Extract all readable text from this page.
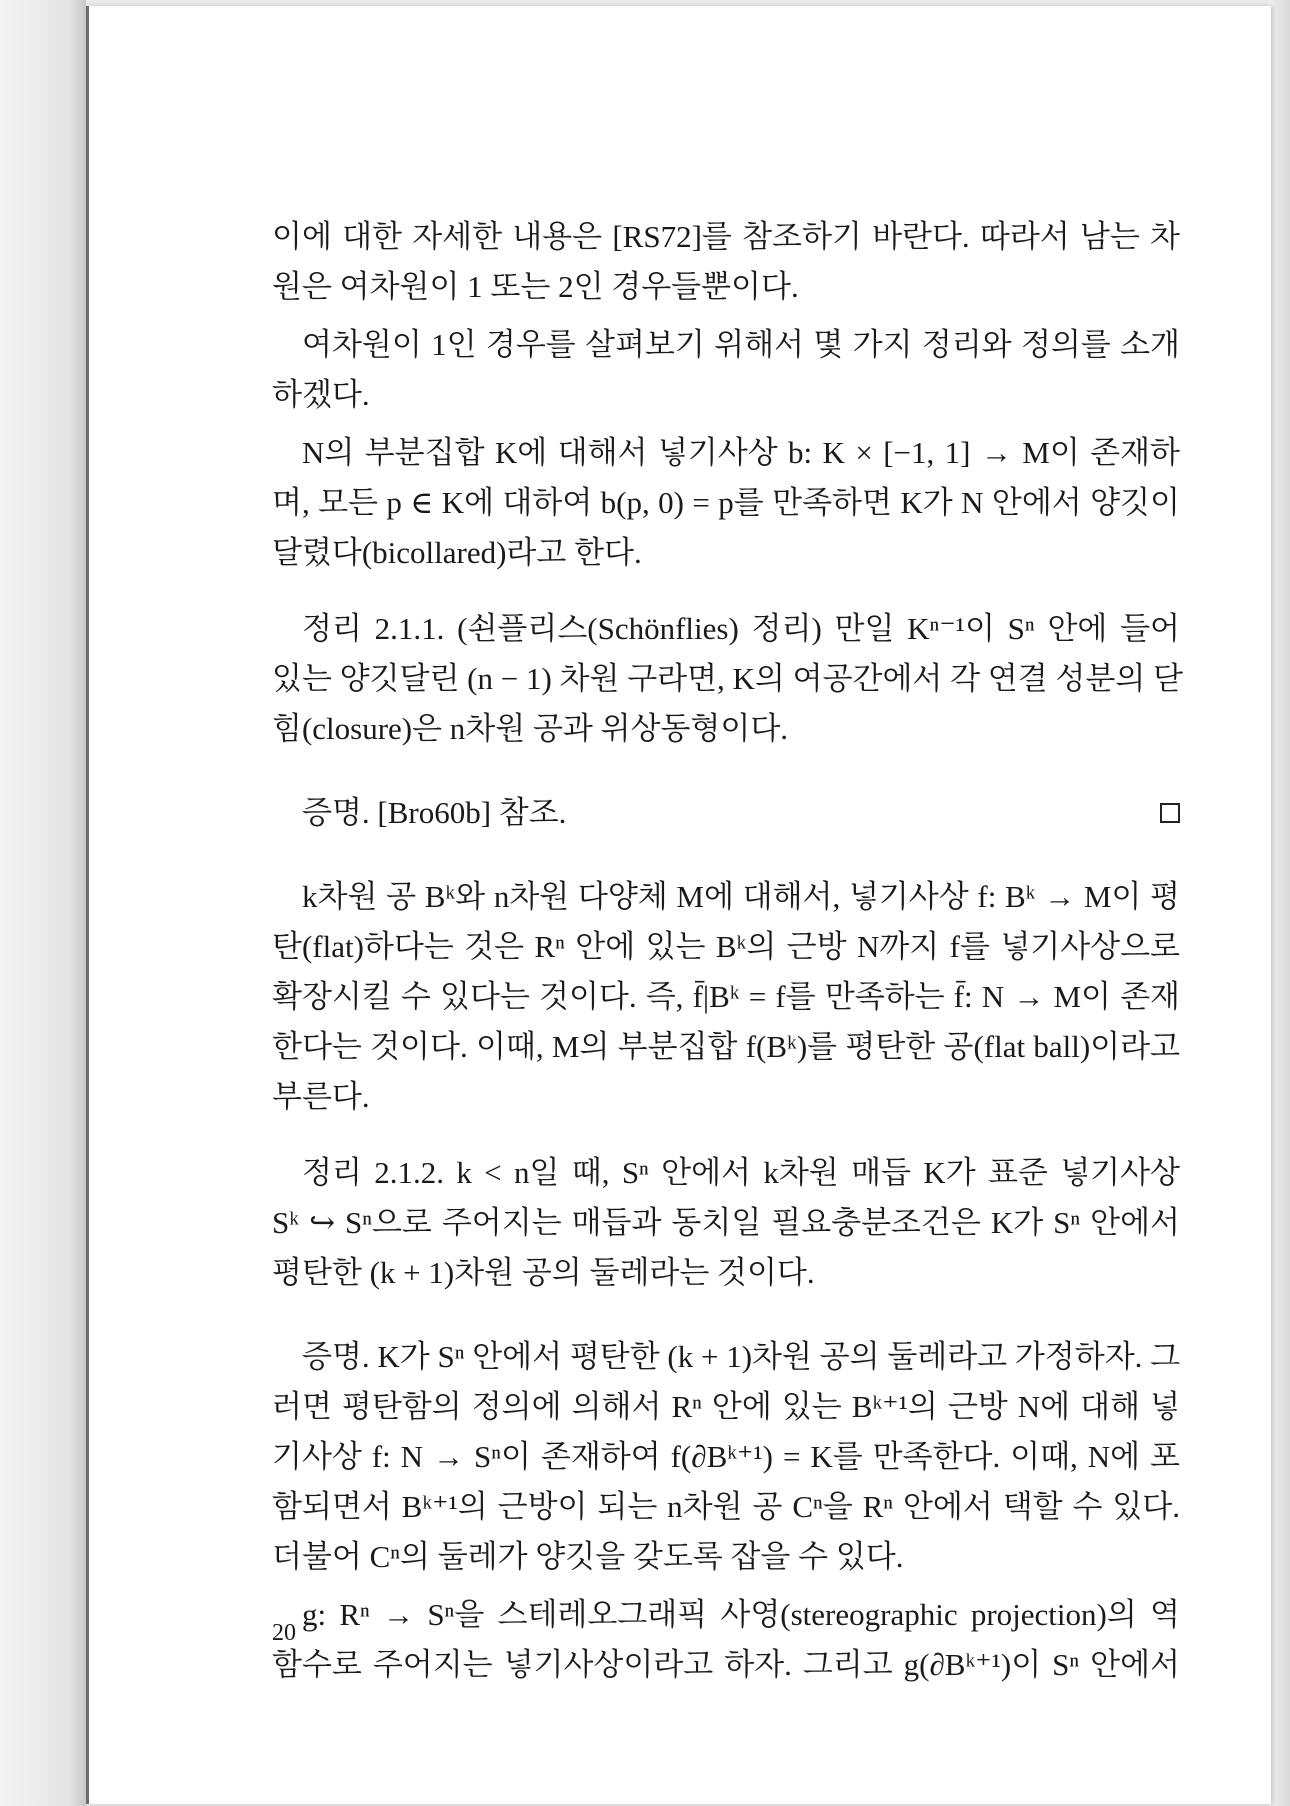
이에 대한 자세한 내용은 [RS72]를 참조하기 바란다. 따라서 남는 차
원은 여차원이 1 또는 2인 경우들뿐이다.
여차원이 1인 경우를 살펴보기 위해서 몇 가지 정리와 정의를 소개
하겠다.
N의 부분집합 K에 대해서 넣기사상 b: K × [−1, 1] → M이 존재하
며, 모든 p ∈ K에 대하여 b(p, 0) = p를 만족하면 K가 N 안에서 양깃이
달렸다(bicollared)라고 한다.
정리 2.1.1. (쇤플리스(Schönflies) 정리) 만일 Kⁿ⁻¹이 Sⁿ 안에 들어
있는 양깃달린 (n − 1) 차원 구라면, K의 여공간에서 각 연결 성분의 닫
힘(closure)은 n차원 공과 위상동형이다.
증명. [Bro60b] 참조.
k차원 공 Bᵏ와 n차원 다양체 M에 대해서, 넣기사상 f: Bᵏ → M이 평
탄(flat)하다는 것은 Rⁿ 안에 있는 Bᵏ의 근방 N까지 f를 넣기사상으로
확장시킬 수 있다는 것이다. 즉, f̄|Bᵏ = f를 만족하는 f̄: N → M이 존재
한다는 것이다. 이때, M의 부분집합 f(Bᵏ)를 평탄한 공(flat ball)이라고
부른다.
정리 2.1.2. k < n일 때, Sⁿ 안에서 k차원 매듭 K가 표준 넣기사상
Sᵏ ↪ Sⁿ으로 주어지는 매듭과 동치일 필요충분조건은 K가 Sⁿ 안에서
평탄한 (k + 1)차원 공의 둘레라는 것이다.
증명. K가 Sⁿ 안에서 평탄한 (k + 1)차원 공의 둘레라고 가정하자. 그
러면 평탄함의 정의에 의해서 Rⁿ 안에 있는 Bᵏ⁺¹의 근방 N에 대해 넣
기사상 f: N → Sⁿ이 존재하여 f(∂Bᵏ⁺¹) = K를 만족한다. 이때, N에 포
함되면서 Bᵏ⁺¹의 근방이 되는 n차원 공 Cⁿ을 Rⁿ 안에서 택할 수 있다.
더불어 Cⁿ의 둘레가 양깃을 갖도록 잡을 수 있다.
g: Rⁿ → Sⁿ을 스테레오그래픽 사영(stereographic projection)의 역
함수로 주어지는 넣기사상이라고 하자. 그리고 g(∂Bᵏ⁺¹)이 Sⁿ 안에서
20
